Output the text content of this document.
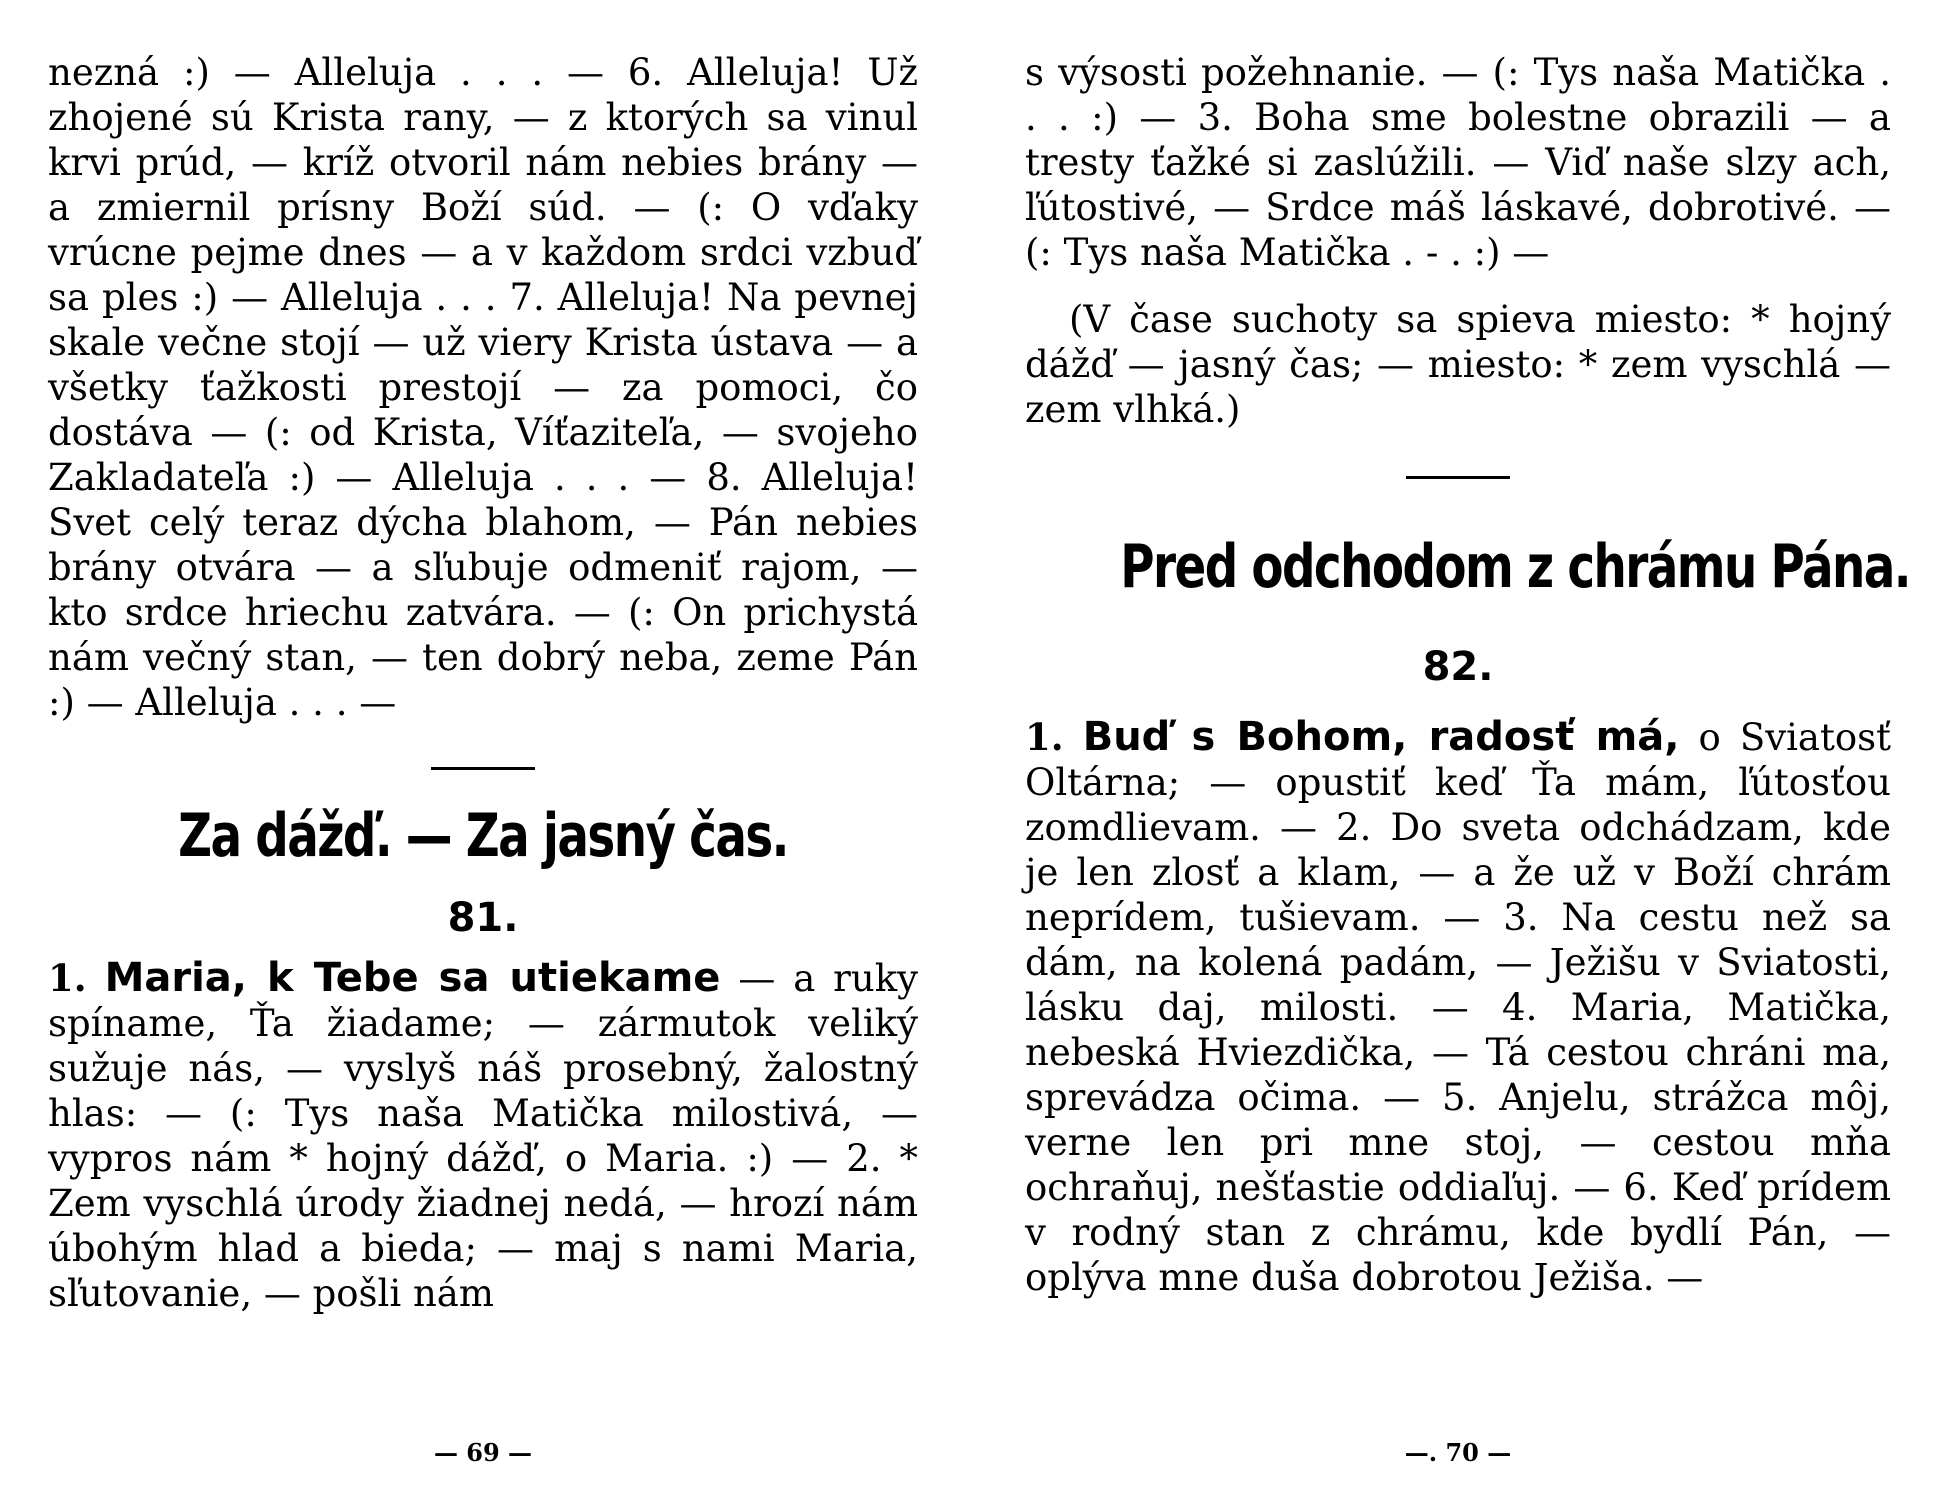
nezná :) — Alleluja . . . — 6. Alleluja! Už zhojené sú Krista rany, — z ktorých sa vinul krvi prúd, — kríž otvoril nám nebies brány — a zmiernil prísny Boží súd. — (: O vďaky vrúcne pejme dnes — a v každom srdci vzbuď sa ples :) — Alleluja . . . 7. Alleluja! Na pevnej skale večne stojí — už viery Krista ústava — a všetky ťažkosti prestojí — za pomoci, čo dostáva — (: od Krista, Víťaziteľa, — svojeho Zakladateľa :) — Alleluja . . . — 8. Alleluja! Svet celý teraz dýcha blahom, — Pán nebies brány otvára — a sľubuje odmeniť rajom, — kto srdce hriechu zatvára. — (: On prichystá nám večný stan, — ten dobrý neba, zeme Pán :) — Alleluja . . . —

Za dážď. — Za jasný čas.

81.

1. Maria, k Tebe sa utiekame — a ruky spíname, Ťa žiadame; — zármutok veliký sužuje nás, — vyslyš náš prosebný, žalostný hlas: — (: Tys naša Matička milostivá, — vypros nám * hojný dážď, o Maria. :) — 2. * Zem vyschlá úrody žiadnej nedá, — hrozí nám úbohým hlad a bieda; — maj s nami Maria, sľutovanie, — pošli nám

— 69 —

s výsosti požehnanie. — (: Tys naša Matička . . . :) — 3. Boha sme bolestne obrazili — a tresty ťažké si zaslúžili. — Viď naše slzy ach, ľútostivé, — Srdce máš láskavé, dobrotivé. — (: Tys naša Matička . - . :) —

(V čase suchoty sa spieva miesto: * hojný dážď — jasný čas; — miesto: * zem vyschlá — zem vlhká.)

Pred odchodom z chrámu Pána.

82.

1. Buď s Bohom, radosť má, o Sviatosť Oltárna; — opustiť keď Ťa mám, ľútosťou zomdlievam. — 2. Do sveta odchádzam, kde je len zlosť a klam, — a že už v Boží chrám neprídem, tušievam. — 3. Na cestu než sa dám, na kolená padám, — Ježišu v Sviatosti, lásku daj, milosti. — 4. Maria, Matička, nebeská Hviezdička, — Tá cestou chráni ma, sprevádza očima. — 5. Anjelu, strážca môj, verne len pri mne stoj, — cestou mňa ochraňuj, nešťastie oddiaľuj. — 6. Keď prídem v rodný stan z chrámu, kde bydlí Pán, — oplýva mne duša dobrotou Ježiša. —

—. 70 —
